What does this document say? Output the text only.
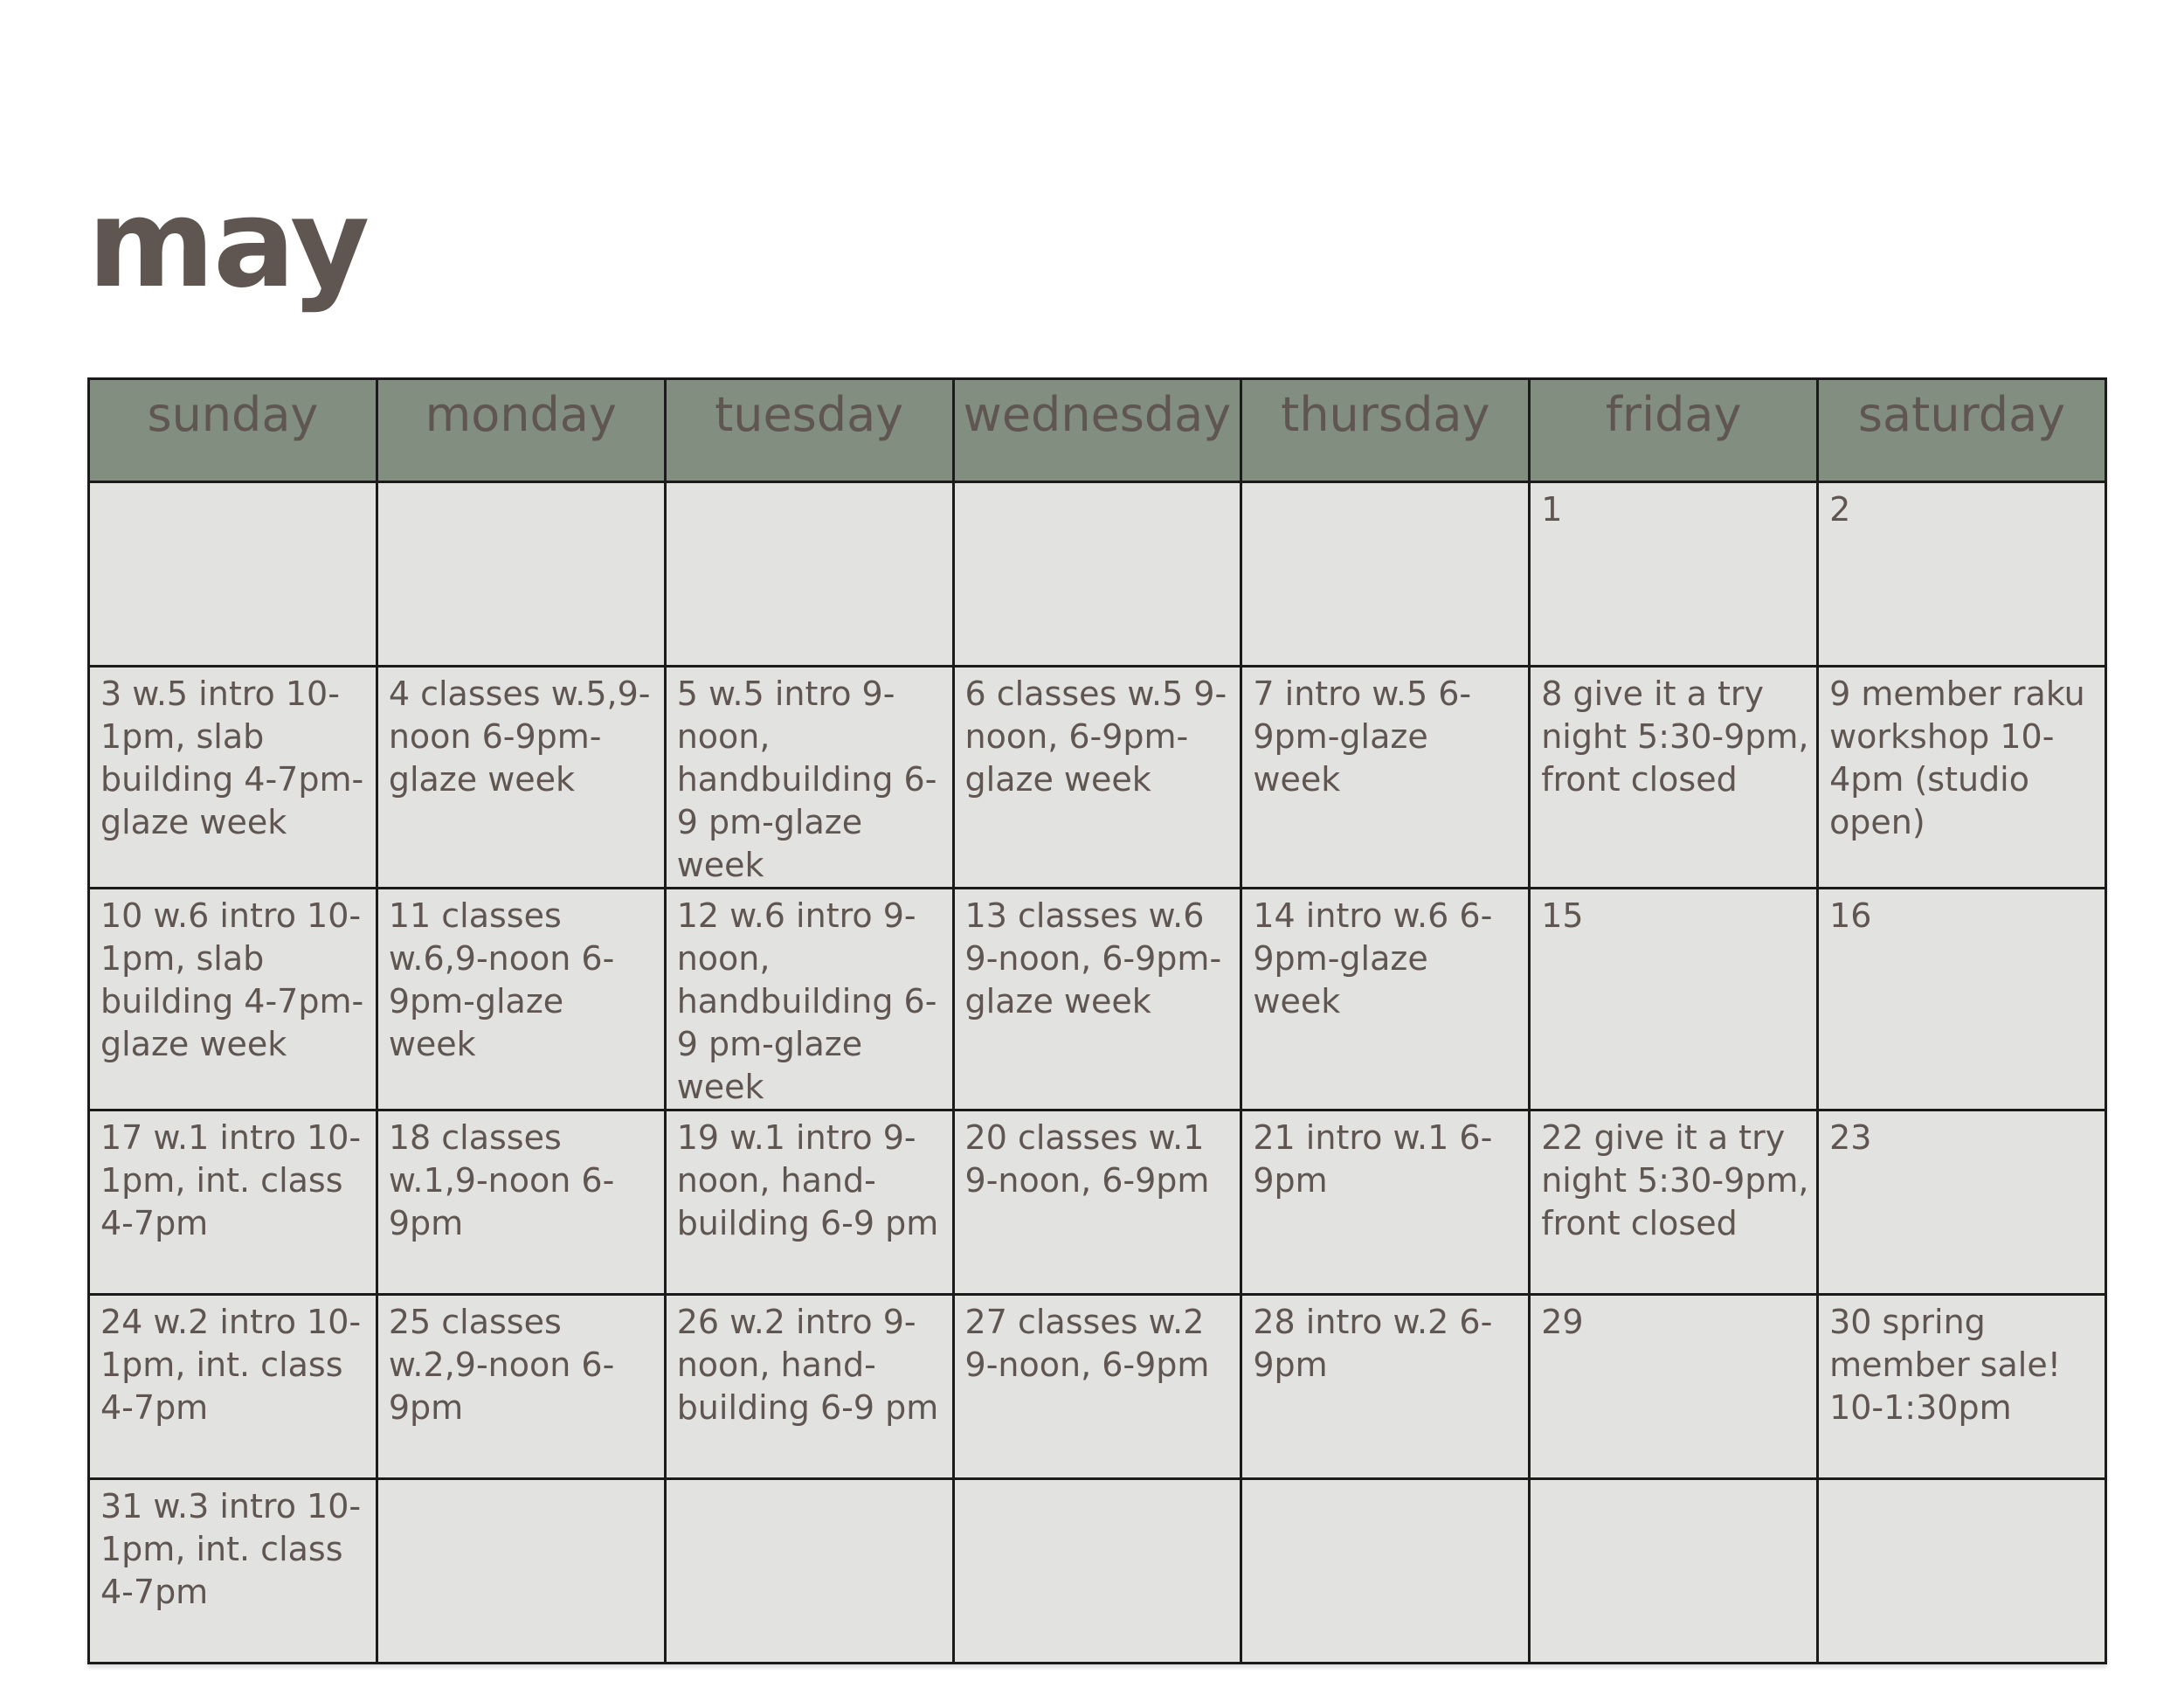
may
sunday	monday	tuesday	wednesday	thursday	friday	saturday

					1	2

3 w.5 intro 10-1pm, slab building 4-7pm-glaze week	4 classes w.5,9-noon 6-9pm-glaze week	5 w.5 intro 9-noon, handbuilding 6-9 pm-glaze week	6 classes w.5 9-noon, 6-9pm-glaze week	7 intro w.5 6-9pm-glaze week	8 give it a try night 5:30-9pm, front closed	9 member raku workshop 10-4pm (studio open)

10 w.6 intro 10-1pm, slab building 4-7pm-glaze week	11 classes w.6,9-noon 6-9pm-glaze week	12 w.6 intro 9-noon, handbuilding 6-9 pm-glaze week	13 classes w.6 9-noon, 6-9pm-glaze week	14 intro w.6 6-9pm-glaze week	15	16

17 w.1 intro 10-1pm, int. class 4-7pm	18 classes w.1,9-noon 6-9pm	19 w.1 intro 9-noon, hand-building 6-9 pm	20 classes w.1 9-noon, 6-9pm	21 intro w.1 6-9pm	22 give it a try night 5:30-9pm, front closed	23

24 w.2 intro 10-1pm, int. class 4-7pm	25 classes w.2,9-noon 6-9pm	26 w.2 intro 9-noon, hand-building 6-9 pm	27 classes w.2 9-noon, 6-9pm	28 intro w.2 6-9pm	29	30 spring member sale! 10-1:30pm

31 w.3 intro 10-1pm, int. class 4-7pm						
